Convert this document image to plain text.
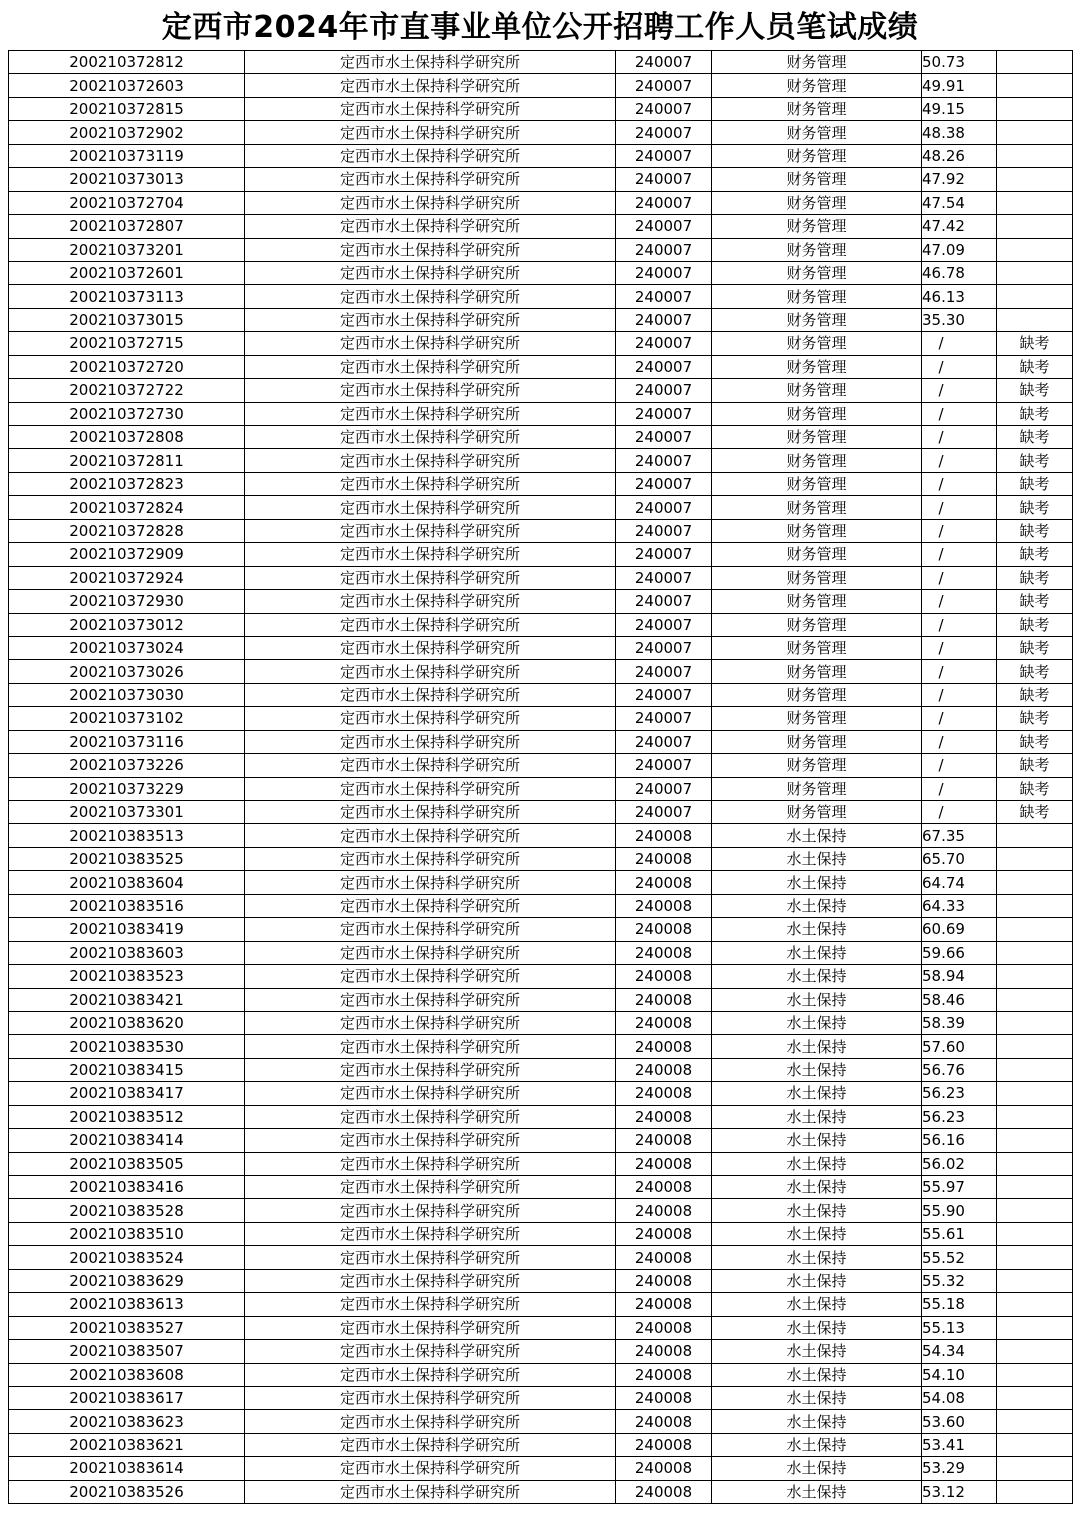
定西市2024年市直事业单位公开招聘工作人员笔试成绩
200210372812	定西市水土保持科学研究所	240007	财务管理	50.73	
200210372603	定西市水土保持科学研究所	240007	财务管理	49.91	
200210372815	定西市水土保持科学研究所	240007	财务管理	49.15	
200210372902	定西市水土保持科学研究所	240007	财务管理	48.38	
200210373119	定西市水土保持科学研究所	240007	财务管理	48.26	
200210373013	定西市水土保持科学研究所	240007	财务管理	47.92	
200210372704	定西市水土保持科学研究所	240007	财务管理	47.54	
200210372807	定西市水土保持科学研究所	240007	财务管理	47.42	
200210373201	定西市水土保持科学研究所	240007	财务管理	47.09	
200210372601	定西市水土保持科学研究所	240007	财务管理	46.78	
200210373113	定西市水土保持科学研究所	240007	财务管理	46.13	
200210373015	定西市水土保持科学研究所	240007	财务管理	35.30	
200210372715	定西市水土保持科学研究所	240007	财务管理	/	缺考
200210372720	定西市水土保持科学研究所	240007	财务管理	/	缺考
200210372722	定西市水土保持科学研究所	240007	财务管理	/	缺考
200210372730	定西市水土保持科学研究所	240007	财务管理	/	缺考
200210372808	定西市水土保持科学研究所	240007	财务管理	/	缺考
200210372811	定西市水土保持科学研究所	240007	财务管理	/	缺考
200210372823	定西市水土保持科学研究所	240007	财务管理	/	缺考
200210372824	定西市水土保持科学研究所	240007	财务管理	/	缺考
200210372828	定西市水土保持科学研究所	240007	财务管理	/	缺考
200210372909	定西市水土保持科学研究所	240007	财务管理	/	缺考
200210372924	定西市水土保持科学研究所	240007	财务管理	/	缺考
200210372930	定西市水土保持科学研究所	240007	财务管理	/	缺考
200210373012	定西市水土保持科学研究所	240007	财务管理	/	缺考
200210373024	定西市水土保持科学研究所	240007	财务管理	/	缺考
200210373026	定西市水土保持科学研究所	240007	财务管理	/	缺考
200210373030	定西市水土保持科学研究所	240007	财务管理	/	缺考
200210373102	定西市水土保持科学研究所	240007	财务管理	/	缺考
200210373116	定西市水土保持科学研究所	240007	财务管理	/	缺考
200210373226	定西市水土保持科学研究所	240007	财务管理	/	缺考
200210373229	定西市水土保持科学研究所	240007	财务管理	/	缺考
200210373301	定西市水土保持科学研究所	240007	财务管理	/	缺考
200210383513	定西市水土保持科学研究所	240008	水土保持	67.35	
200210383525	定西市水土保持科学研究所	240008	水土保持	65.70	
200210383604	定西市水土保持科学研究所	240008	水土保持	64.74	
200210383516	定西市水土保持科学研究所	240008	水土保持	64.33	
200210383419	定西市水土保持科学研究所	240008	水土保持	60.69	
200210383603	定西市水土保持科学研究所	240008	水土保持	59.66	
200210383523	定西市水土保持科学研究所	240008	水土保持	58.94	
200210383421	定西市水土保持科学研究所	240008	水土保持	58.46	
200210383620	定西市水土保持科学研究所	240008	水土保持	58.39	
200210383530	定西市水土保持科学研究所	240008	水土保持	57.60	
200210383415	定西市水土保持科学研究所	240008	水土保持	56.76	
200210383417	定西市水土保持科学研究所	240008	水土保持	56.23	
200210383512	定西市水土保持科学研究所	240008	水土保持	56.23	
200210383414	定西市水土保持科学研究所	240008	水土保持	56.16	
200210383505	定西市水土保持科学研究所	240008	水土保持	56.02	
200210383416	定西市水土保持科学研究所	240008	水土保持	55.97	
200210383528	定西市水土保持科学研究所	240008	水土保持	55.90	
200210383510	定西市水土保持科学研究所	240008	水土保持	55.61	
200210383524	定西市水土保持科学研究所	240008	水土保持	55.52	
200210383629	定西市水土保持科学研究所	240008	水土保持	55.32	
200210383613	定西市水土保持科学研究所	240008	水土保持	55.18	
200210383527	定西市水土保持科学研究所	240008	水土保持	55.13	
200210383507	定西市水土保持科学研究所	240008	水土保持	54.34	
200210383608	定西市水土保持科学研究所	240008	水土保持	54.10	
200210383617	定西市水土保持科学研究所	240008	水土保持	54.08	
200210383623	定西市水土保持科学研究所	240008	水土保持	53.60	
200210383621	定西市水土保持科学研究所	240008	水土保持	53.41	
200210383614	定西市水土保持科学研究所	240008	水土保持	53.29	
200210383526	定西市水土保持科学研究所	240008	水土保持	53.12	
